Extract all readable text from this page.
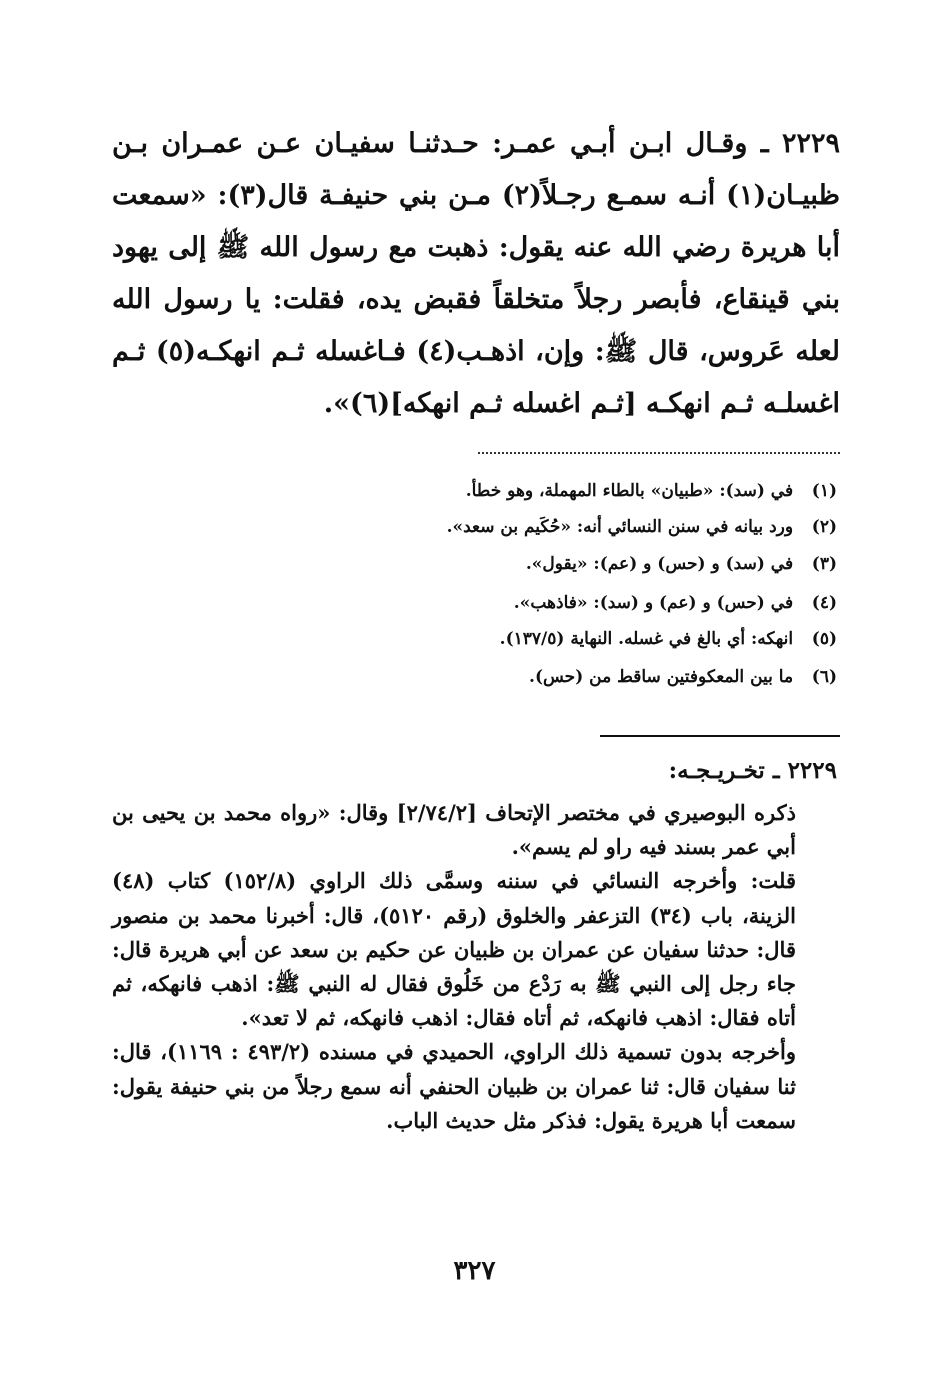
٢٢٢٩ ـ وقـال ابـن أبـي عمـر: حـدثنـا سفيـان عـن عمـران بـن ظبيـان(١) أنـه سمـع رجـلاً(٢) مـن بني حنيفـة قال(٣): «سمعت أبا هريرة رضي الله عنه يقول: ذهبت مع رسول الله ﷺ إلى يهود بني قينقاع، فأبصر رجلاً متخلقاً فقبض يده، فقلت: يا رسول الله لعله عَروس، قال ﷺ: وإن، اذهـب(٤) فـاغسله ثـم انهكـه(٥) ثـم اغسلـه ثـم انهكـه [ثـم اغسله ثـم انهكه](٦)».

(١) في (سد): «طبيان» بالطاء المهملة، وهو خطأ.
(٢) ورد بيانه في سنن النسائي أنه: «حُكَيم بن سعد».
(٣) في (سد) و (حس) و (عم): «يقول».
(٤) في (حس) و (عم) و (سد): «فاذهب».
(٥) انهكه: أي بالغ في غسله. النهاية (١٣٧/٥).
(٦) ما بين المعكوفتين ساقط من (حس).
٢٢٢٩ ـ تخـريـجـه:

ذكره البوصيري في مختصر الإتحاف [٢/٧٤/٢] وقال: «رواه محمد بن يحيى بن أبي عمر بسند فيه راو لم يسم».

قلت: وأخرجه النسائي في سننه وسمَّى ذلك الراوي (١٥٢/٨) كتاب (٤٨) الزينة، باب (٣٤) التزعفر والخلوق (رقم ٥١٢٠)، قال: أخبرنا محمد بن منصور قال: حدثنا سفيان عن عمران بن ظبيان عن حكيم بن سعد عن أبي هريرة قال: جاء رجل إلى النبي ﷺ به رَدْع من خَلُوق فقال له النبي ﷺ: اذهب فانهكه، ثم أتاه فقال: اذهب فانهكه، ثم أتاه فقال: اذهب فانهكه، ثم لا تعد».

وأخرجه بدون تسمية ذلك الراوي، الحميدي في مسنده (٤٩٣/٢ : ١١٦٩)، قال: ثنا سفيان قال: ثنا عمران بن ظبيان الحنفي أنه سمع رجلاً من بني حنيفة يقول: سمعت أبا هريرة يقول: فذكر مثل حديث الباب.

٣٢٧
